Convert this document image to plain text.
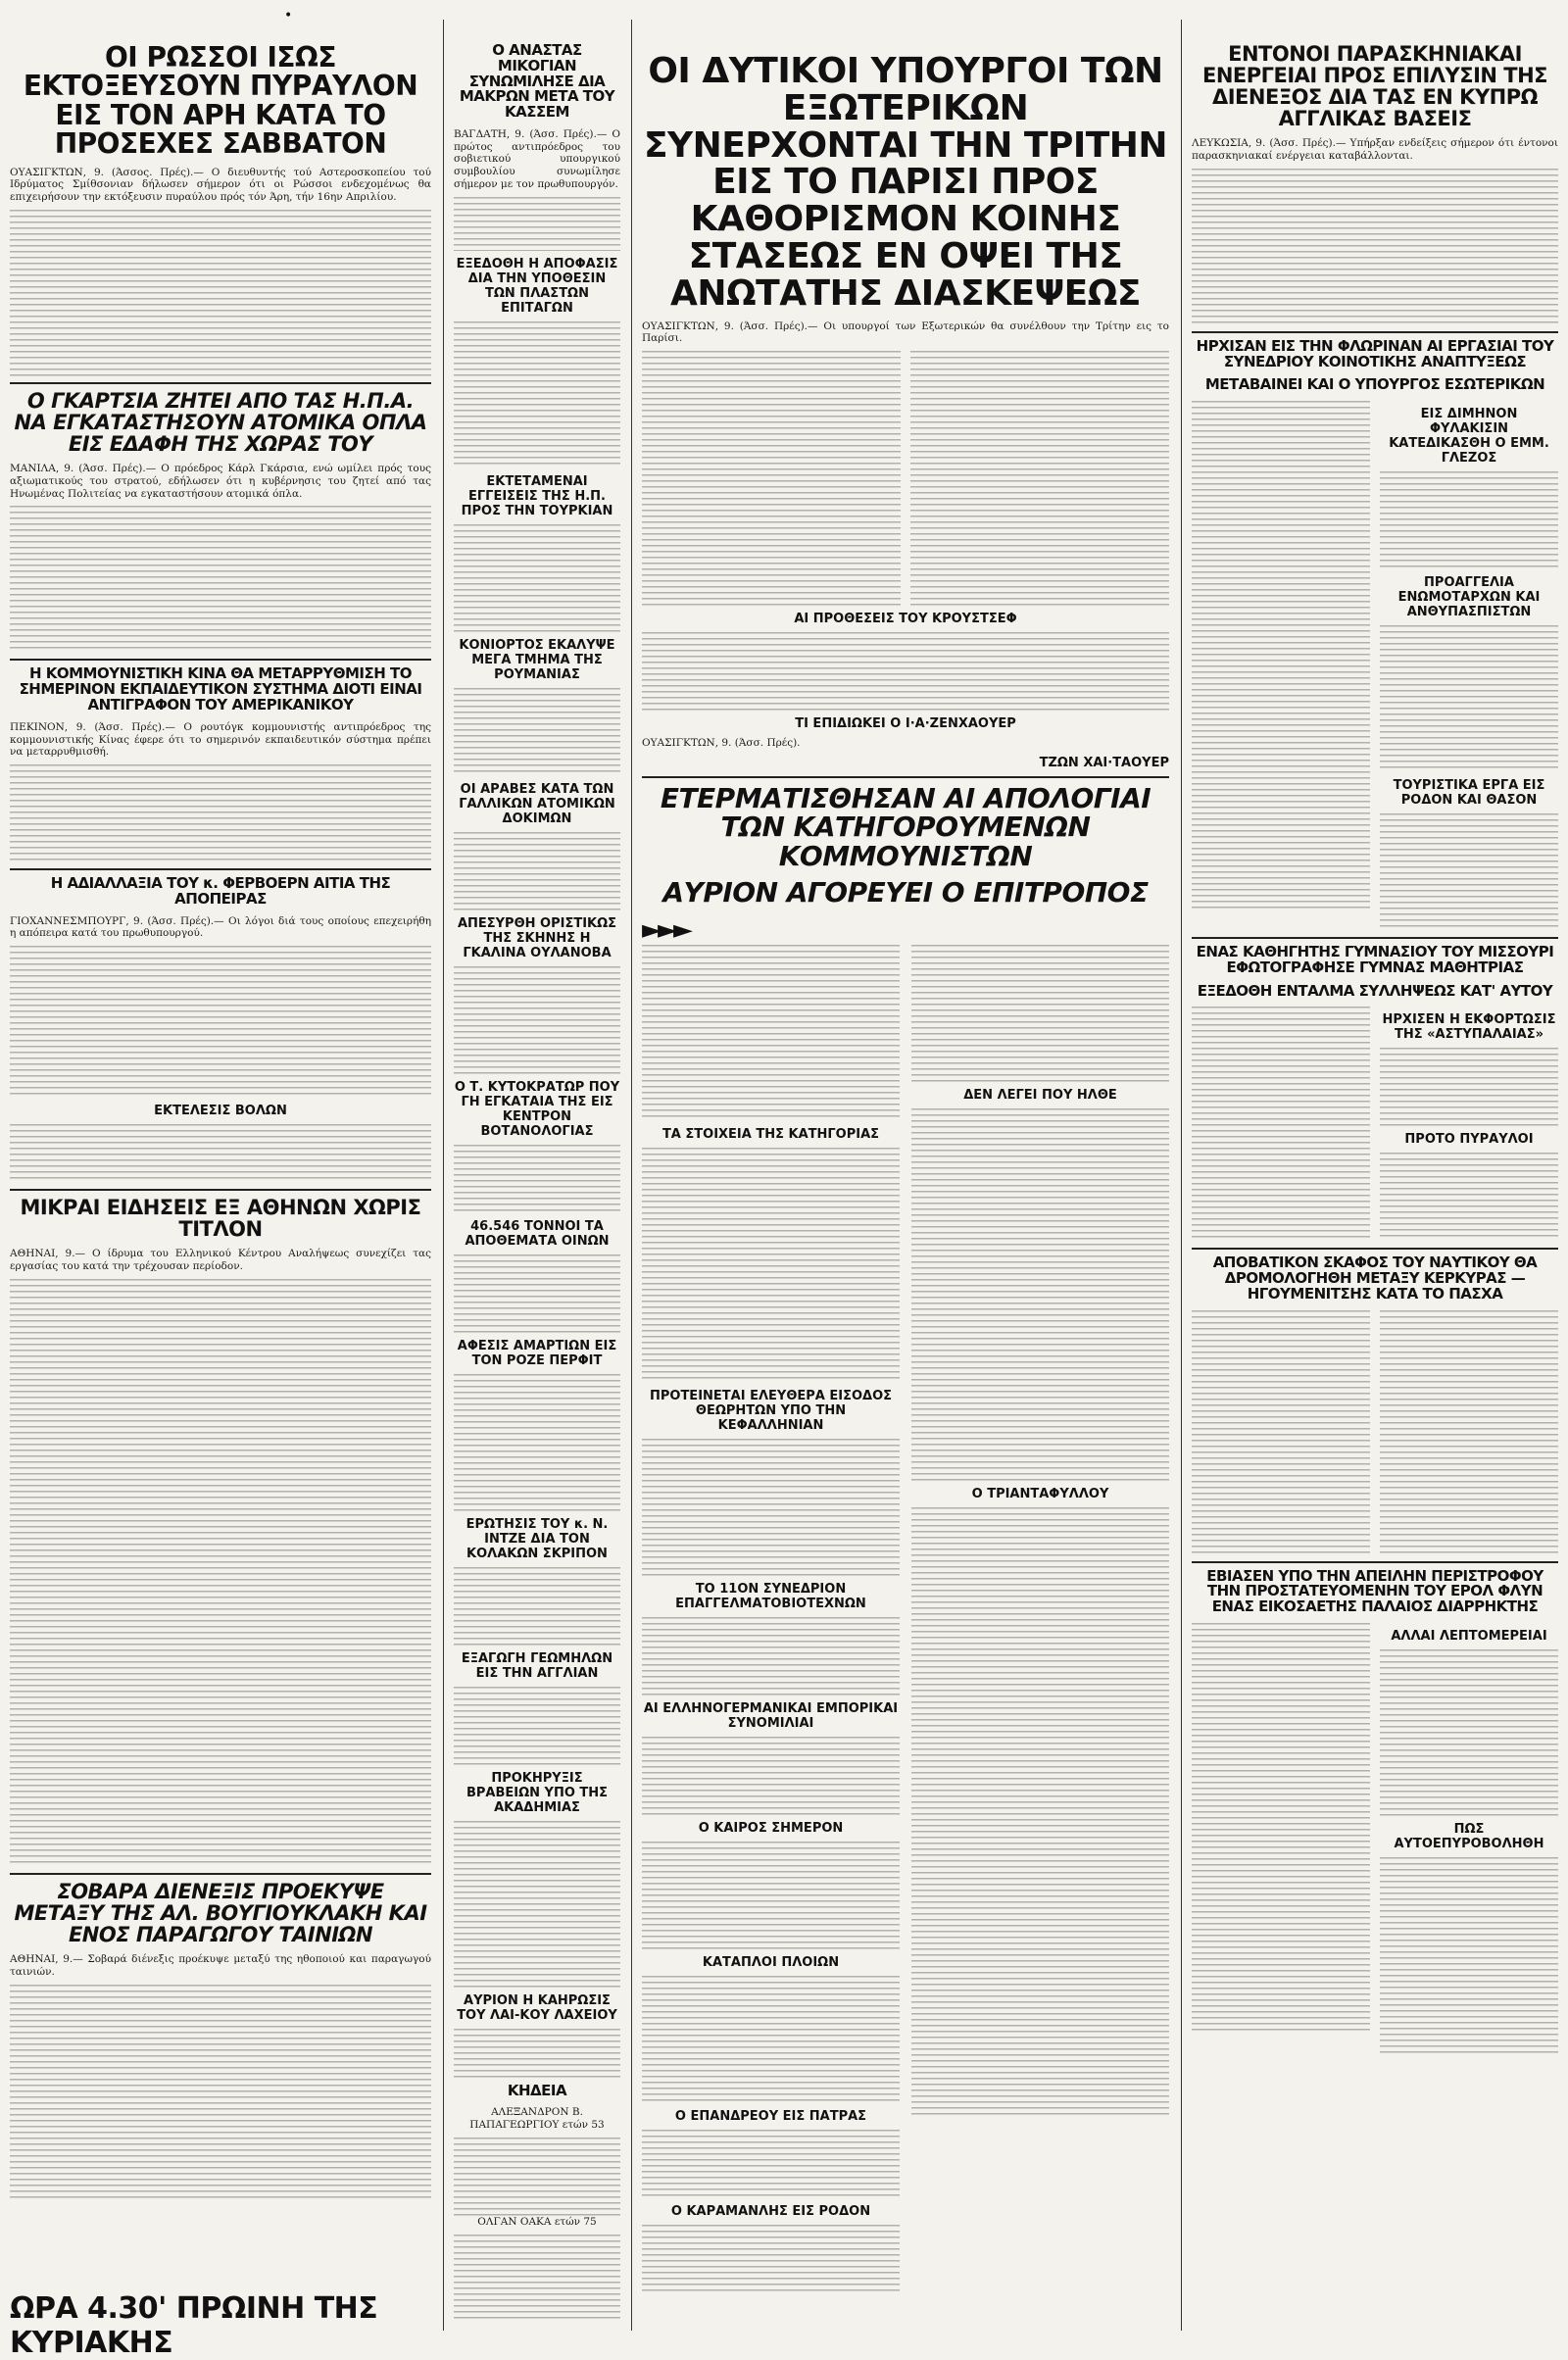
•
ΟΙ ΡΩΣΣΟΙ ΙΣΩΣ ΕΚΤΟΞΕΥΣΟΥΝ ΠΥΡΑΥΛΟΝ ΕΙΣ ΤΟΝ ΑΡΗ ΚΑΤΑ ΤΟ ΠΡΟΣΕΧΕΣ ΣΑΒΒΑΤΟΝ

ΟΥΑΣΙΓΚΤΩΝ, 9. (Άσσος. Πρές).— Ο διευθυντής τού Αστεροσκοπείου τού Ιδρύματος Σμίθσονιαν δήλωσεν σήμερον ότι οι Ρώσσοι ενδεχομένως θα επιχειρήσουν την εκτόξευσιν πυραύλου πρός τόν Άρη, τήν 16ην Απριλίου.

Ο ΓΚΑΡΤΣΙΑ ΖΗΤΕΙ ΑΠΟ ΤΑΣ Η.Π.Α. ΝΑ ΕΓΚΑΤΑΣΤΗΣΟΥΝ ΑΤΟΜΙΚΑ ΟΠΛΑ ΕΙΣ ΕΔΑΦΗ ΤΗΣ ΧΩΡΑΣ ΤΟΥ

ΜΑΝΙΛΑ, 9. (Άσσ. Πρές).— Ο πρόεδρος Κάρλ Γκάρσια, ενώ ωμίλει πρός τους αξιωματικούς του στρατού, εδήλωσεν ότι η κυβέρνησις του ζητεί από τας Ηνωμένας Πολιτείας να εγκαταστήσουν ατομικά όπλα.

Η ΚΟΜΜΟΥΝΙΣΤΙΚΗ ΚΙΝΑ ΘΑ ΜΕΤΑΡΡΥΘΜΙΣΗ ΤΟ ΣΗΜΕΡΙΝΟΝ ΕΚΠΑΙΔΕΥΤΙΚΟΝ ΣΥΣΤΗΜΑ ΔΙΟΤΙ ΕΙΝΑΙ ΑΝΤΙΓΡΑΦΟΝ ΤΟΥ ΑΜΕΡΙΚΑΝΙΚΟΥ

ΠΕΚΙΝΟΝ, 9. (Άσσ. Πρές).— Ο ρουτόγκ κομμουνιστής αντιπρόεδρος της κομμουνιστικής Κίνας έφερε ότι το σημερινόν εκπαιδευτικόν σύστημα πρέπει να μεταρρυθμισθή.

Η ΑΔΙΑΛΛΑΞΙΑ ΤΟΥ κ. ΦΕΡΒΟΕΡΝ ΑΙΤΙΑ ΤΗΣ ΑΠΟΠΕΙΡΑΣ

ΓΙΟΧΑΝΝΕΣΜΠΟΥΡΓ, 9. (Άσσ. Πρές).— Οι λόγοι διά τους οποίους επεχειρήθη η απόπειρα κατά του πρωθυπουργού.

ΕΚΤΕΛΕΣΙΣ ΒΟΛΩΝ
ΜΙΚΡΑΙ ΕΙΔΗΣΕΙΣ ΕΞ ΑΘΗΝΩΝ ΧΩΡΙΣ ΤΙΤΛΟΝ

ΑΘΗΝΑΙ, 9.— Ο ίδρυμα του Ελληνικού Κέντρου Αναλήψεως συνεχίζει τας εργασίας του κατά την τρέχουσαν περίοδον.

ΣΟΒΑΡΑ ΔΙΕΝΕΞΙΣ ΠΡΟΕΚΥΨΕ ΜΕΤΑΞΥ ΤΗΣ ΑΛ. ΒΟΥΓΙΟΥΚΛΑΚΗ ΚΑΙ ΕΝΟΣ ΠΑΡΑΓΩΓΟΥ ΤΑΙΝΙΩΝ

ΑΘΗΝΑΙ, 9.— Σοβαρά διένεξις προέκυψε μεταξύ της ηθοποιού και παραγωγού ταινιών.

Ο ΑΝΑΣΤΑΣ ΜΙΚΟΓΙΑΝ ΣΥΝΩΜΙΛΗΣΕ ΔΙΑ ΜΑΚΡΩΝ ΜΕΤΑ ΤΟΥ ΚΑΣΣΕΜ

ΒΑΓΔΑΤΗ, 9. (Άσσ. Πρές).— Ο πρώτος αντιπρόεδρος του σοβιετικού υπουργικού συμβουλίου συνωμίλησε σήμερον με τον πρωθυπουργόν.

ΕΞΕΔΟΘΗ Η ΑΠΟΦΑΣΙΣ ΔΙΑ ΤΗΝ ΥΠΟΘΕΣΙΝ ΤΩΝ ΠΛΑΣΤΩΝ ΕΠΙΤΑΓΩΝ
ΕΚΤΕΤΑΜΕΝΑΙ ΕΓΓΕΙΣΕΙΣ ΤΗΣ Η.Π. ΠΡΟΣ ΤΗΝ ΤΟΥΡΚΙΑΝ
ΚΟΝΙΟΡΤΟΣ ΕΚΑΛΥΨΕ ΜΕΓΑ ΤΜΗΜΑ ΤΗΣ ΡΟΥΜΑΝΙΑΣ
ΟΙ ΑΡΑΒΕΣ ΚΑΤΑ ΤΩΝ ΓΑΛΛΙΚΩΝ ΑΤΟΜΙΚΩΝ ΔΟΚΙΜΩΝ
ΑΠΕΣΥΡΘΗ ΟΡΙΣΤΙΚΩΣ ΤΗΣ ΣΚΗΝΗΣ Η ΓΚΑΛΙΝΑ ΟΥΛΑΝΟΒΑ
Ο Τ. ΚΥΤΟΚΡΑΤΩΡ ΠΟΥ ΓΗ ΕΓΚΑΤΑΙΑ ΤΗΣ ΕΙΣ ΚΕΝΤΡΟΝ ΒΟΤΑΝΟΛΟΓΙΑΣ
46.546 ΤΟΝΝΟΙ ΤΑ ΑΠΟΘΕΜΑΤΑ ΟΙΝΩΝ
ΑΦΕΣΙΣ ΑΜΑΡΤΙΩΝ ΕΙΣ ΤΟΝ ΡΟΖΕ ΠΕΡΦΙΤ
ΕΡΩΤΗΣΙΣ ΤΟΥ κ. Ν. ΙΝΤΖΕ ΔΙΑ ΤΟΝ ΚΟΛΑΚΩΝ ΣΚΡΙΠΟΝ
ΕΞΑΓΩΓΗ ΓΕΩΜΗΛΩΝ ΕΙΣ ΤΗΝ ΑΓΓΛΙΑΝ
ΠΡΟΚΗΡΥΞΙΣ ΒΡΑΒΕΙΩΝ ΥΠΟ ΤΗΣ ΑΚΑΔΗΜΙΑΣ
ΑΥΡΙΟΝ Η ΚΑΗΡΩΣΙΣ ΤΟΥ ΛΑΙ-ΚΟΥ ΛΑΧΕΙΟΥ
ΚΗΔΕΙΑ

ΑΛΕΞΑΝΔΡΟΝ Β. ΠΑΠΑΓΕΩΡΓΙΟΥ ετών 53

ΟΛΓΑΝ ΟΑΚΑ ετών 75

ΟΙ ΔΥΤΙΚΟΙ ΥΠΟΥΡΓΟΙ ΤΩΝ ΕΞΩΤΕΡΙΚΩΝ ΣΥΝΕΡΧΟΝΤΑΙ ΤΗΝ ΤΡΙΤΗΝ ΕΙΣ ΤΟ ΠΑΡΙΣΙ ΠΡΟΣ ΚΑΘΟΡΙΣΜΟΝ ΚΟΙΝΗΣ ΣΤΑΣΕΩΣ ΕΝ ΟΨΕΙ ΤΗΣ ΑΝΩΤΑΤΗΣ ΔΙΑΣΚΕΨΕΩΣ

ΟΥΑΣΙΓΚΤΩΝ, 9. (Άσσ. Πρές).— Οι υπουργοί των Εξωτερικών θα συνέλθουν την Τρίτην εις το Παρίσι.

ΑΙ ΠΡΟΘΕΣΕΙΣ ΤΟΥ ΚΡΟΥΣΤΣΕΦ
ΤΙ ΕΠΙΔΙΩΚΕΙ Ο Ι·Α·ΖΕΝΧΑΟΥΕΡ

ΟΥΑΣΙΓΚΤΩΝ, 9. (Άσσ. Πρές).

ΤΖΩΝ ΧΑΙ·ΤΑΟΥΕΡ
ΕΤΕΡΜΑΤΙΣΘΗΣΑΝ ΑΙ ΑΠΟΛΟΓΙΑΙ ΤΩΝ ΚΑΤΗΓΟΡΟΥΜΕΝΩΝ ΚΟΜΜΟΥΝΙΣΤΩΝ
ΑΥΡΙΟΝ ΑΓΟΡΕΥΕΙ Ο ΕΠΙΤΡΟΠΟΣ
►►►
ΤΑ ΣΤΟΙΧΕΙΑ ΤΗΣ ΚΑΤΗΓΟΡΙΑΣ
ΠΡΟΤΕΙΝΕΤΑΙ ΕΛΕΥΘΕΡΑ ΕΙΣΟΔΟΣ ΘΕΩΡΗΤΩΝ ΥΠΟ ΤΗΝ ΚΕΦΑΛΛΗΝΙΑΝ
ΤΟ 11ΟΝ ΣΥΝΕΔΡΙΟΝ ΕΠΑΓΓΕΛΜΑΤΟΒΙΟΤΕΧΝΩΝ
ΑΙ ΕΛΛΗΝΟΓΕΡΜΑΝΙΚΑΙ ΕΜΠΟΡΙΚΑΙ ΣΥΝΟΜΙΛΙΑΙ
Ο ΚΑΙΡΟΣ ΣΗΜΕΡΟΝ
ΚΑΤΑΠΛΟΙ ΠΛΟΙΩΝ
Ο ΕΠΑΝΔΡΕΟΥ ΕΙΣ ΠΑΤΡΑΣ
Ο ΚΑΡΑΜΑΝΛΗΣ ΕΙΣ ΡΟΔΟΝ
ΔΕΝ ΛΕΓΕΙ ΠΟΥ ΗΛΘΕ
Ο ΤΡΙΑΝΤΑΦΥΛΛΟΥ
ΕΝΤΟΝΟΙ ΠΑΡΑΣΚΗΝΙΑΚΑΙ ΕΝΕΡΓΕΙΑΙ ΠΡΟΣ ΕΠΙΛΥΣΙΝ ΤΗΣ ΔΙΕΝΕΞΟΣ ΔΙΑ ΤΑΣ ΕΝ ΚΥΠΡΩ ΑΓΓΛΙΚΑΣ ΒΑΣΕΙΣ

ΛΕΥΚΩΣΙΑ, 9. (Άσσ. Πρές).— Υπήρξαν ενδείξεις σήμερον ότι έντονοι παρασκηνιακαί ενέργειαι καταβάλλονται.

ΗΡΧΙΣΑΝ ΕΙΣ ΤΗΝ ΦΛΩΡΙΝΑΝ ΑΙ ΕΡΓΑΣΙΑΙ ΤΟΥ ΣΥΝΕΔΡΙΟΥ ΚΟΙΝΟΤΙΚΗΣ ΑΝΑΠΤΥΞΕΩΣ
ΜΕΤΑΒΑΙΝΕΙ ΚΑΙ Ο ΥΠΟΥΡΓΟΣ ΕΣΩΤΕΡΙΚΩΝ
ΕΙΣ ΔΙΜΗΝΟΝ ΦΥΛΑΚΙΣΙΝ ΚΑΤΕΔΙΚΑΣΘΗ Ο ΕΜΜ. ΓΛΕΖΟΣ
ΠΡΟΑΓΓΕΛΙΑ ΕΝΩΜΟΤΑΡΧΩΝ ΚΑΙ ΑΝΘΥΠΑΣΠΙΣΤΩΝ
ΤΟΥΡΙΣΤΙΚΑ ΕΡΓΑ ΕΙΣ ΡΟΔΟΝ ΚΑΙ ΘΑΣΟΝ
ΕΝΑΣ ΚΑΘΗΓΗΤΗΣ ΓΥΜΝΑΣΙΟΥ ΤΟΥ ΜΙΣΣΟΥΡΙ ΕΦΩΤΟΓΡΑΦΗΣΕ ΓΥΜΝΑΣ ΜΑΘΗΤΡΙΑΣ
ΕΞΕΔΟΘΗ ΕΝΤΑΛΜΑ ΣΥΛΛΗΨΕΩΣ ΚΑΤ' ΑΥΤΟΥ
ΗΡΧΙΣΕΝ Η ΕΚΦΟΡΤΩΣΙΣ ΤΗΣ «ΑΣΤΥΠΑΛΑΙΑΣ»
ΠΡΟΤΟ ΠΥΡΑΥΛΟΙ
ΑΠΟΒΑΤΙΚΟΝ ΣΚΑΦΟΣ ΤΟΥ ΝΑΥΤΙΚΟΥ ΘΑ ΔΡΟΜΟΛΟΓΗΘΗ ΜΕΤΑΞΥ ΚΕΡΚΥΡΑΣ — ΗΓΟΥΜΕΝΙΤΣΗΣ ΚΑΤΑ ΤΟ ΠΑΣΧΑ
ΕΒΙΑΣΕΝ ΥΠΟ ΤΗΝ ΑΠΕΙΛΗΝ ΠΕΡΙΣΤΡΟΦΟΥ ΤΗΝ ΠΡΟΣΤΑΤΕΥΟΜΕΝΗΝ ΤΟΥ ΕΡΟΛ ΦΛΥΝ ΕΝΑΣ ΕΙΚΟΣΑΕΤΗΣ ΠΑΛΑΙΟΣ ΔΙΑΡΡΗΚΤΗΣ
ΑΛΛΑΙ ΛΕΠΤΟΜΕΡΕΙΑΙ
ΠΩΣ ΑΥΤΟΕΠΥΡΟΒΟΛΗΘΗ
ΩΡΑ 4.30' ΠΡΩΙΝΗ ΤΗΣ ΚΥΡΙΑΚΗΣ
